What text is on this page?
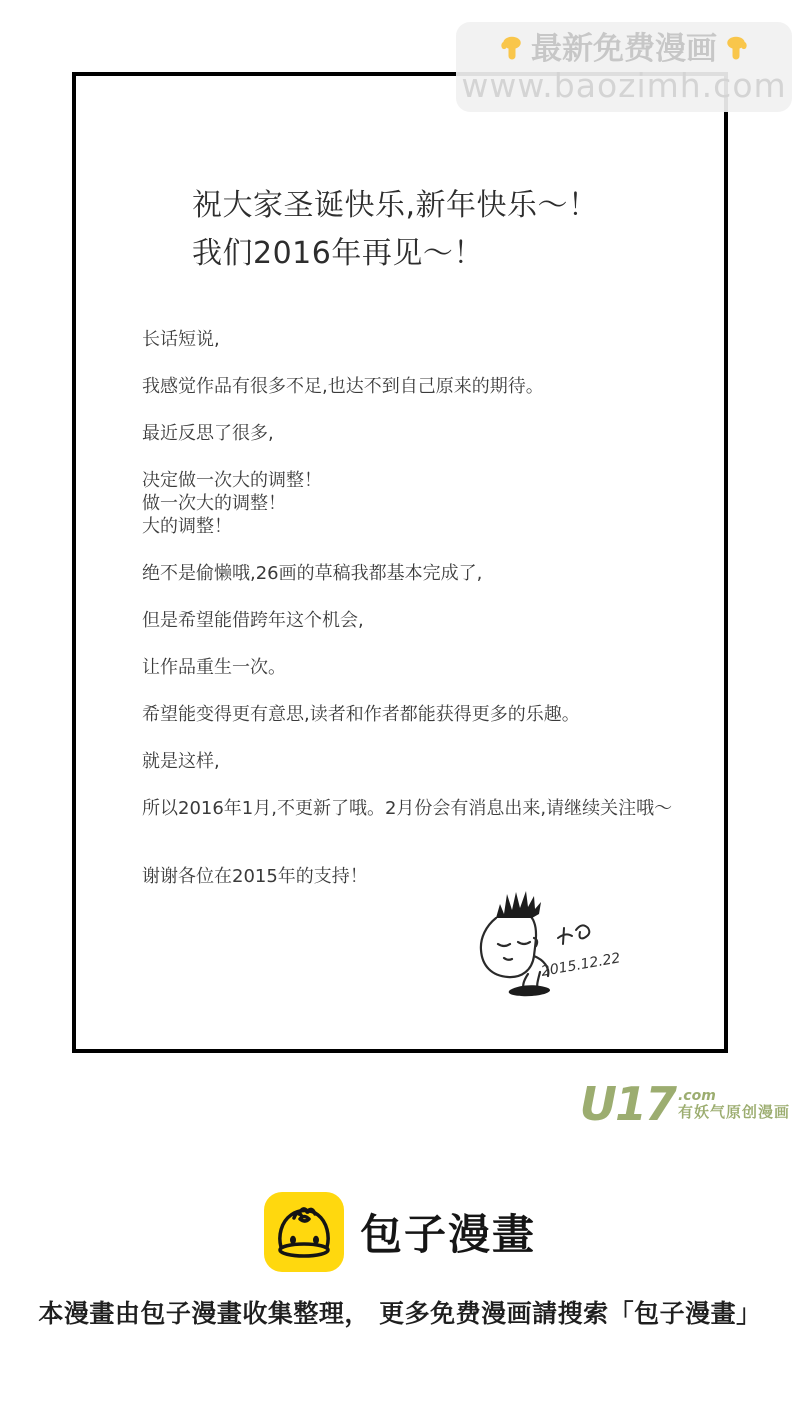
最新免费漫画
www.baozimh.com
祝大家圣诞快乐,新年快乐～！
我们2016年再见～！

长话短说,

我感觉作品有很多不足,也达不到自己原来的期待。

最近反思了很多,

决定做一次大的调整！

做一次大的调整！

大的调整！

绝不是偷懒哦,26画的草稿我都基本完成了,

但是希望能借跨年这个机会,

让作品重生一次。

希望能变得更有意思,读者和作者都能获得更多的乐趣。

就是这样,

所以2016年1月,不更新了哦。2月份会有消息出来,请继续关注哦～

谢谢各位在2015年的支持！

2015.12.22
U17 .com
有妖气原创漫画
包子漫畫
本漫畫由包子漫畫收集整理， 更多免费漫画請搜索「包子漫畫」
